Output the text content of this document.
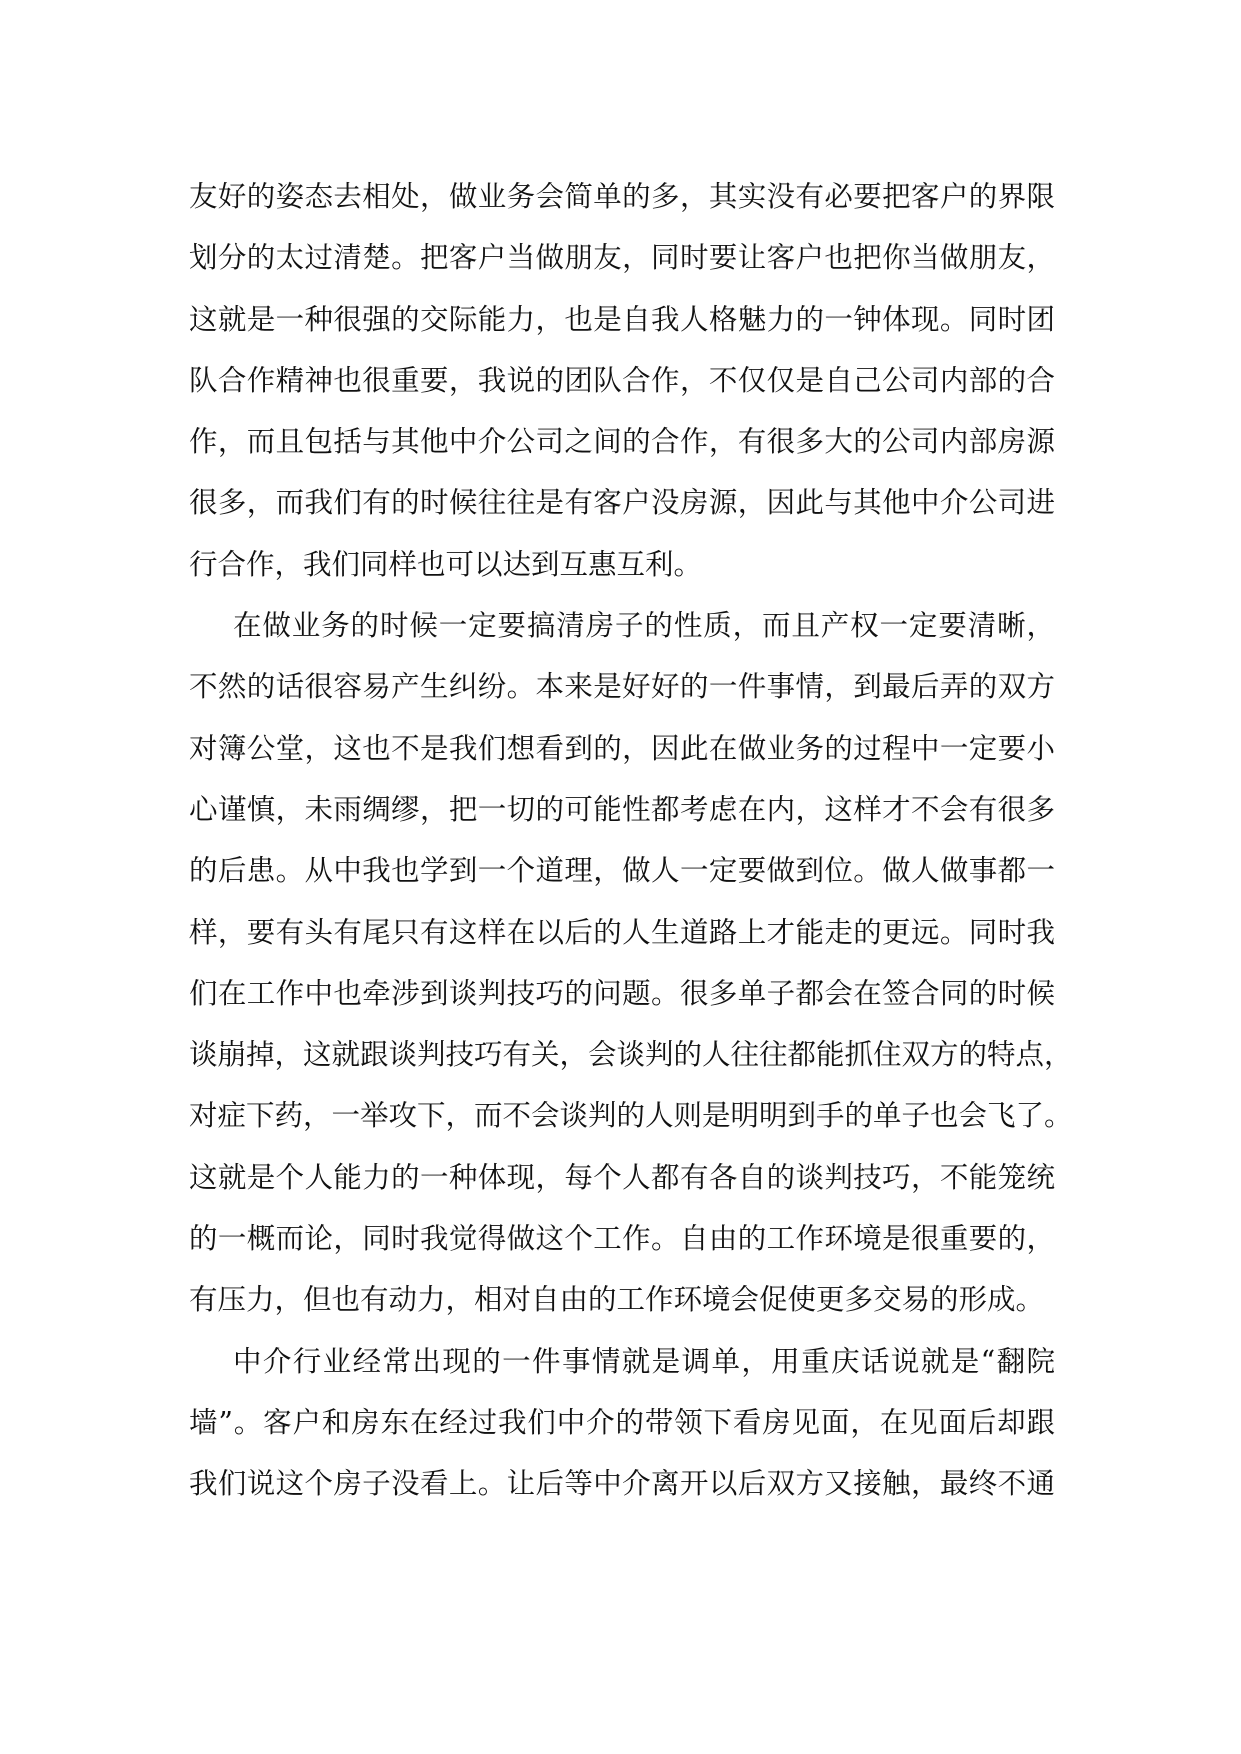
友好的姿态去相处，做业务会简单的多，其实没有必要把客户的界限
划分的太过清楚。把客户当做朋友，同时要让客户也把你当做朋友，
这就是一种很强的交际能力，也是自我人格魅力的一钟体现。同时团
队合作精神也很重要，我说的团队合作，不仅仅是自己公司内部的合
作，而且包括与其他中介公司之间的合作，有很多大的公司内部房源
很多，而我们有的时候往往是有客户没房源，因此与其他中介公司进
行合作，我们同样也可以达到互惠互利。
在做业务的时候一定要搞清房子的性质，而且产权一定要清晰，
不然的话很容易产生纠纷。本来是好好的一件事情，到最后弄的双方
对簿公堂，这也不是我们想看到的，因此在做业务的过程中一定要小
心谨慎，未雨绸缪，把一切的可能性都考虑在内，这样才不会有很多
的后患。从中我也学到一个道理，做人一定要做到位。做人做事都一
样，要有头有尾只有这样在以后的人生道路上才能走的更远。同时我
们在工作中也牵涉到谈判技巧的问题。很多单子都会在签合同的时候
谈崩掉，这就跟谈判技巧有关，会谈判的人往往都能抓住双方的特点，
对症下药，一举攻下，而不会谈判的人则是明明到手的单子也会飞了。
这就是个人能力的一种体现，每个人都有各自的谈判技巧，不能笼统
的一概而论，同时我觉得做这个工作。自由的工作环境是很重要的，
有压力，但也有动力，相对自由的工作环境会促使更多交易的形成。
中介行业经常出现的一件事情就是调单，用重庆话说就是“翻院
墙”。客户和房东在经过我们中介的带领下看房见面，在见面后却跟
我们说这个房子没看上。让后等中介离开以后双方又接触，最终不通
